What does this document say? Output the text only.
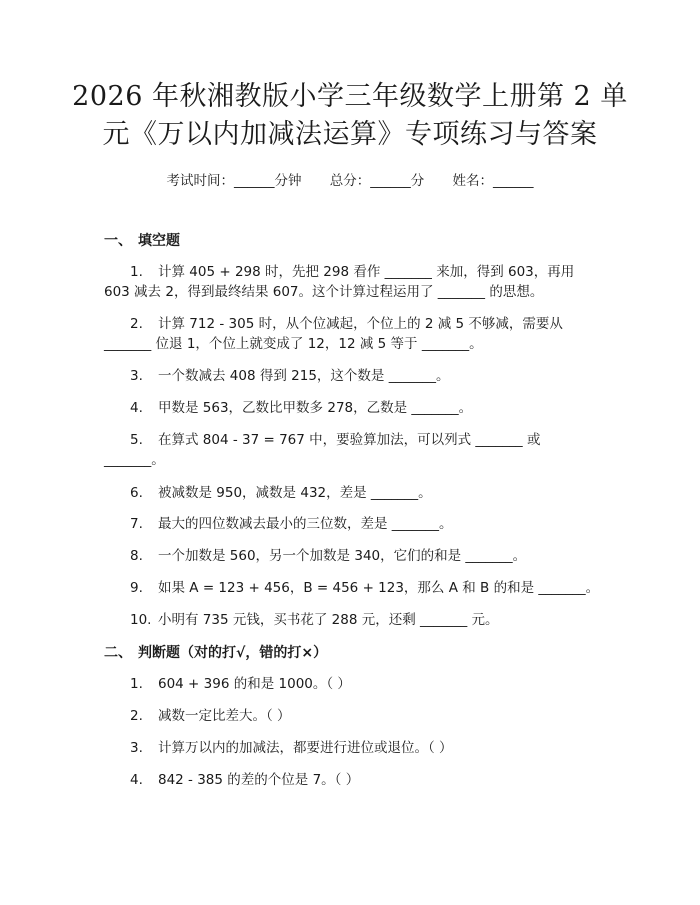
2026 年秋湘教版小学三年级数学上册第 2 单
元《万以内加减法运算》专项练习与答案
考试时间：______分钟 总分：______分 姓名：______
一、 填空题
1. 计算 405 + 298 时，先把 298 看作 _______ 来加，得到 603，再用
603 减去 2，得到最终结果 607。这个计算过程运用了 _______ 的思想。
2. 计算 712 - 305 时，从个位减起，个位上的 2 减 5 不够减，需要从
_______ 位退 1，个位上就变成了 12，12 减 5 等于 _______。
3. 一个数减去 408 得到 215，这个数是 _______。
4. 甲数是 563，乙数比甲数多 278，乙数是 _______。
5. 在算式 804 - 37 = 767 中，要验算加法，可以列式 _______ 或
_______。
6. 被减数是 950，减数是 432，差是 _______。
7. 最大的四位数减去最小的三位数，差是 _______。
8. 一个加数是 560，另一个加数是 340，它们的和是 _______。
9. 如果 A = 123 + 456，B = 456 + 123，那么 A 和 B 的和是 _______。
10. 小明有 735 元钱，买书花了 288 元，还剩 _______ 元。
二、 判断题（对的打√，错的打×）
1. 604 + 396 的和是 1000。（ ）
2. 减数一定比差大。（ ）
3. 计算万以内的加减法，都要进行进位或退位。（ ）
4. 842 - 385 的差的个位是 7。（ ）
